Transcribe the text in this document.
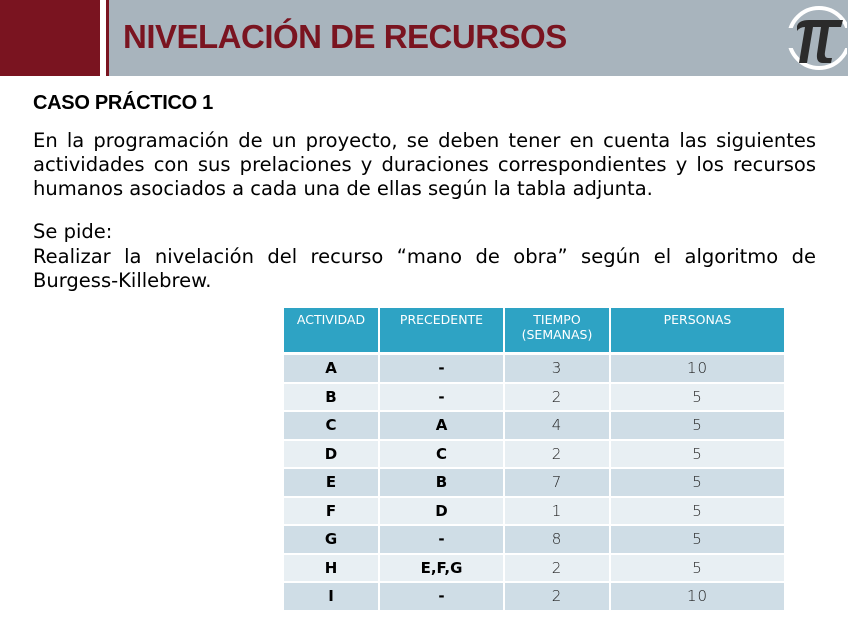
NIVELACIÓN DE RECURSOS
CASO PRÁCTICO 1
En la programación de un proyecto, se deben tener en cuenta las siguientes actividades con sus prelaciones y duraciones correspondientes y los recursos humanos asociados a cada una de ellas según la tabla adjunta.
Se pide:
Realizar la nivelación del recurso “mano de obra” según el algoritmo de Burgess-Killebrew.
ACTIVIDAD	PRECEDENTE	TIEMPO (SEMANAS)	PERSONAS
A	-	3	10
B	-	2	5
C	A	4	5
D	C	2	5
E	B	7	5
F	D	1	5
G	-	8	5
H	E,F,G	2	5
I	-	2	10
